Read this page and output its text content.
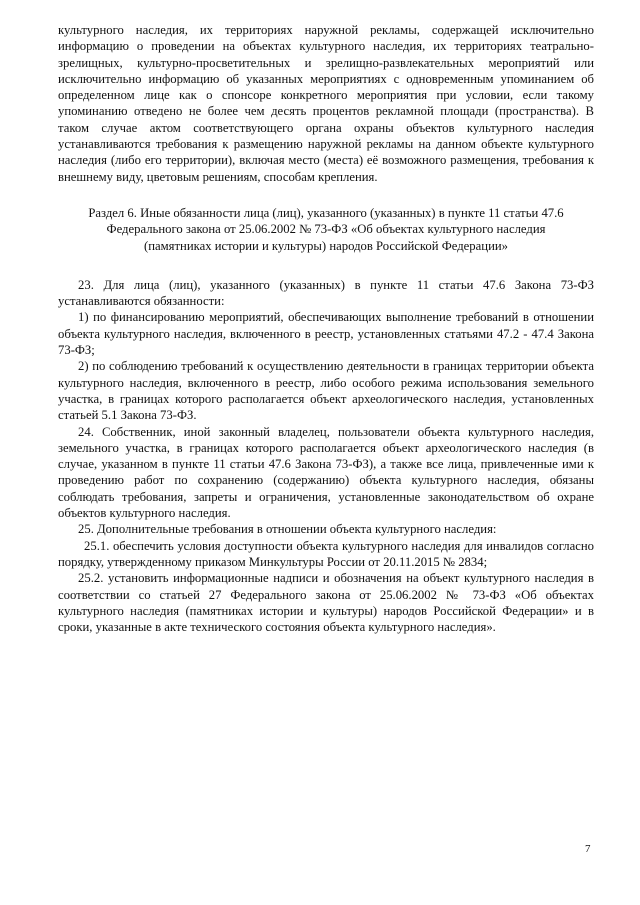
культурного наследия, их территориях наружной рекламы, содержащей исключительно информацию о проведении на объектах культурного наследия, их территориях театрально-зрелищных, культурно-просветительных и зрелищно-развлекательных мероприятий или исключительно информацию об указанных мероприятиях с одновременным упоминанием об определенном лице как о спонсоре конкретного мероприятия при условии, если такому упоминанию отведено не более чем десять процентов рекламной площади (пространства). В таком случае актом соответствующего органа охраны объектов культурного наследия устанавливаются требования к размещению наружной рекламы на данном объекте культурного наследия (либо его территории), включая место (места) её возможного размещения, требования к внешнему виду, цветовым решениям, способам крепления.

Раздел 6. Иные обязанности лица (лиц), указанного (указанных) в пункте 11 статьи 47.6

Федерального закона от 25.06.2002 № 73-ФЗ «Об объектах культурного наследия

(памятниках истории и культуры) народов Российской Федерации»

23. Для лица (лиц), указанного (указанных) в пункте 11 статьи 47.6 Закона 73-ФЗ устанавливаются обязанности:

1) по финансированию мероприятий, обеспечивающих выполнение требований в отношении объекта культурного наследия, включенного в реестр, установленных статьями 47.2 - 47.4 Закона 73-ФЗ;

2) по соблюдению требований к осуществлению деятельности в границах территории объекта культурного наследия, включенного в реестр, либо особого режима использования земельного участка, в границах которого располагается объект археологического наследия, установленных статьей 5.1 Закона 73-ФЗ.

24. Собственник, иной законный владелец, пользователи объекта культурного наследия, земельного участка, в границах которого располагается объект археологического наследия (в случае, указанном в пункте 11 статьи 47.6 Закона 73-ФЗ), а также все лица, привлеченные ими к проведению работ по сохранению (содержанию) объекта культурного наследия, обязаны соблюдать требования, запреты и ограничения, установленные законодательством об охране объектов культурного наследия.

25. Дополнительные требования в отношении объекта культурного наследия:

25.1. обеспечить условия доступности объекта культурного наследия для инвалидов согласно порядку, утвержденному приказом Минкультуры России от 20.11.2015 № 2834;

25.2. установить информационные надписи и обозначения на объект культурного наследия в соответствии со статьей 27 Федерального закона от 25.06.2002 № 73-ФЗ «Об объектах культурного наследия (памятниках истории и культуры) народов Российской Федерации» и в сроки, указанные в акте технического состояния объекта культурного наследия».

7
